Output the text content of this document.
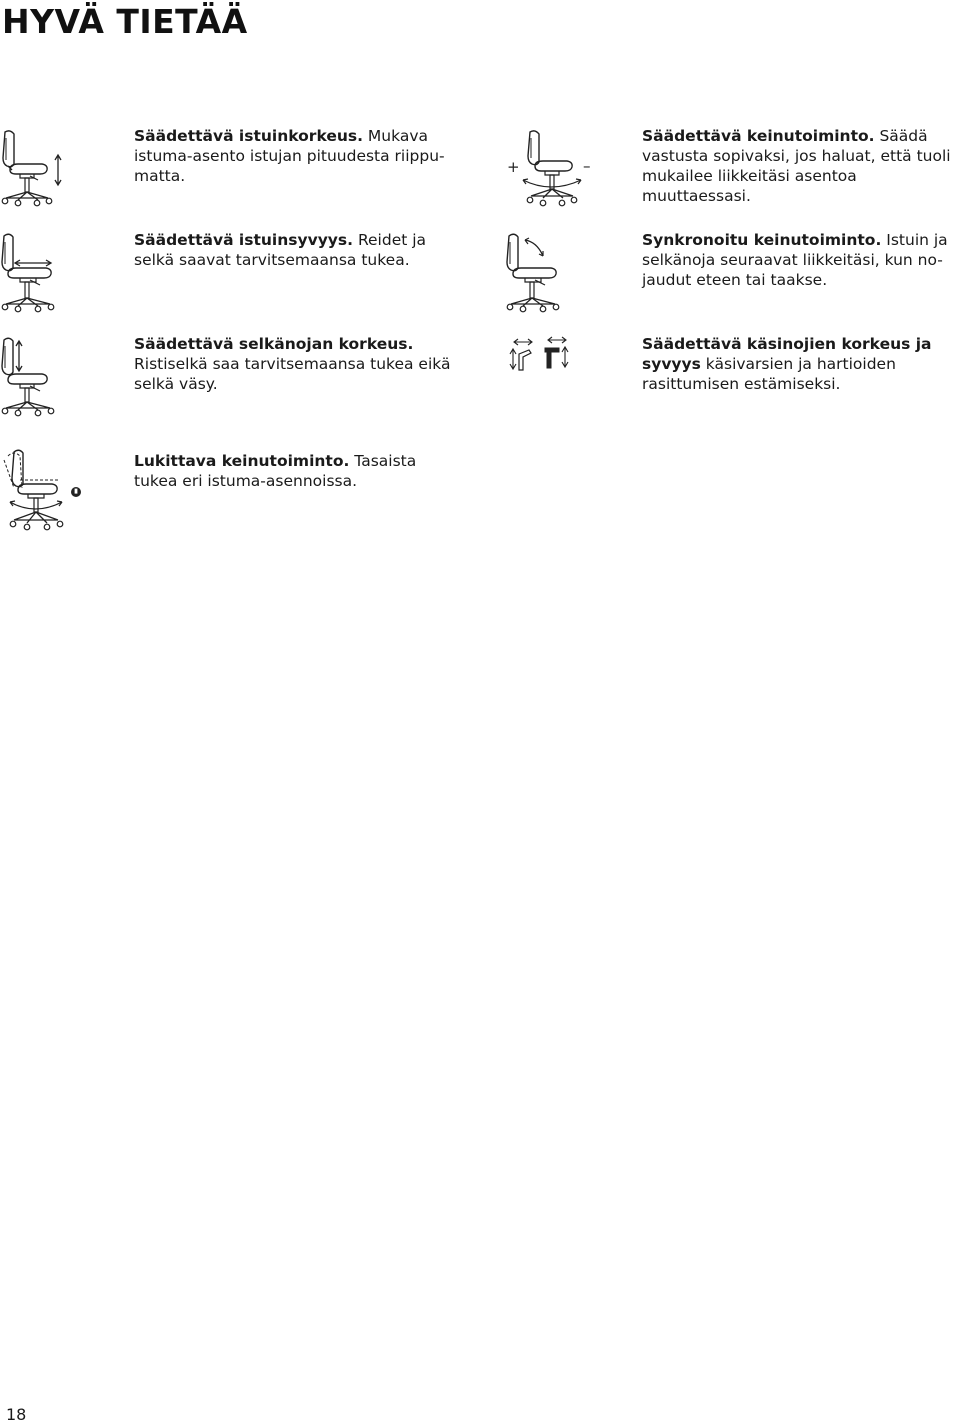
HYVÄ TIETÄÄ

Säädettävä istuinkorkeus. Mukava istuma-asento istujan pituudesta riippu- matta.	+	–

Säädettävä keinutoiminto. Säädä vastusta sopivaksi, jos haluat, että tuoli mukailee liikkeitäsi asentoa muuttaessasi.

Säädettävä istuinsyvyys. Reidet ja selkä saavat tarvitsemaansa tukea.

Synkronoitu keinutoiminto. Istuin ja selkänoja seuraavat liikkeitäsi, kun no- jaudut eteen tai taakse.

Säädettävä selkänojan korkeus. Ristiselkä saa tarvitsemaansa tukea eikä selkä väsy.

Säädettävä käsinojien korkeus ja syvyys käsivarsien ja hartioiden rasittumisen estämiseksi.

Lukittava keinutoiminto. Tasaista tukea eri istuma-asennoissa.

18
